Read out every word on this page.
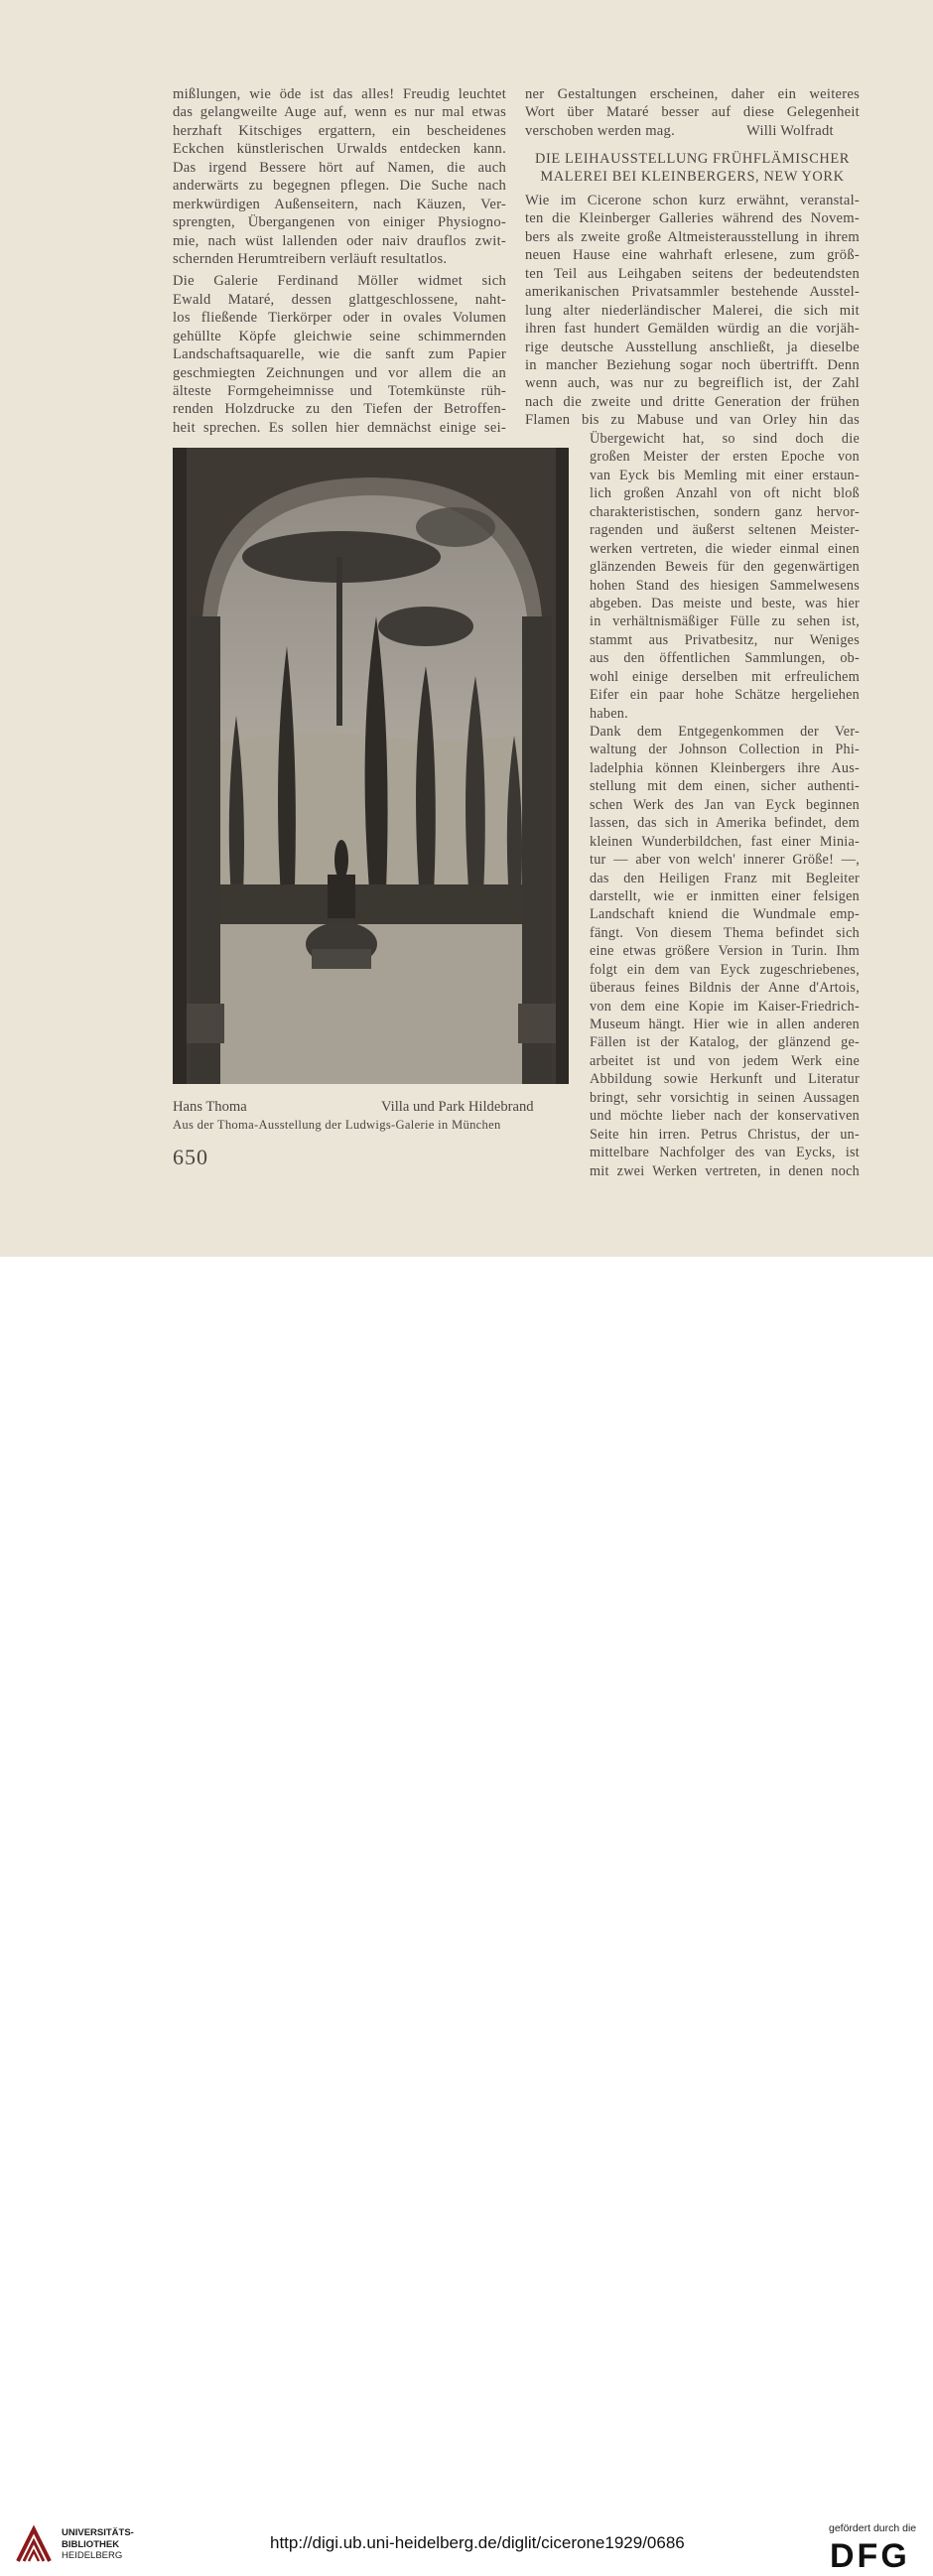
mißlungen, wie öde ist das alles! Freudig leuchtet
das gelangweilte Auge auf, wenn es nur mal etwas
herzhaft Kitschiges ergattern, ein bescheidenes
Eckchen künstlerischen Urwalds entdecken kann.
Das irgend Bessere hört auf Namen, die auch
anderwärts zu begegnen pflegen. Die Suche nach
merkwürdigen Außenseitern, nach Käuzen, Ver-
sprengten, Übergangenen von einiger Physiogno-
mie, nach wüst lallenden oder naiv drauflos zwit-
schernden Herumtreibern verläuft resultatlos.
Die Galerie Ferdinand Möller widmet sich
Ewald Mataré, dessen glattgeschlossene, naht-
los fließende Tierkörper oder in ovales Volumen
gehüllte Köpfe gleichwie seine schimmernden
Landschaftsaquarelle, wie die sanft zum Papier
geschmiegten Zeichnungen und vor allem die an
älteste Formgeheimnisse und Totemkünste rüh-
renden Holzdrucke zu den Tiefen der Betroffen-
heit sprechen. Es sollen hier demnächst einige sei-
ner Gestaltungen erscheinen, daher ein weiteres
Wort über Mataré besser auf diese Gelegenheit
verschoben werden mag.	Willi Wolfradt
DIE LEIHAUSSTELLUNG FRÜHFLÄMISCHER
MALEREI BEI KLEINBERGERS, NEW YORK
Wie im Cicerone schon kurz erwähnt, veranstal-
ten die Kleinberger Galleries während des Novem-
bers als zweite große Altmeisterausstellung in ihrem
neuen Hause eine wahrhaft erlesene, zum größ-
ten Teil aus Leihgaben seitens der bedeutendsten
amerikanischen Privatsammler bestehende Ausstel-
lung alter niederländischer Malerei, die sich mit
ihren fast hundert Gemälden würdig an die vorjäh-
rige deutsche Ausstellung anschließt, ja dieselbe
in mancher Beziehung sogar noch übertrifft. Denn
wenn auch, was nur zu begreiflich ist, der Zahl
nach die zweite und dritte Generation der frühen
Flamen bis zu Mabuse und van Orley hin das
Übergewicht hat, so sind doch die
großen Meister der ersten Epoche von
van Eyck bis Memling mit einer erstaun-
lich großen Anzahl von oft nicht bloß
charakteristischen, sondern ganz hervor-
ragenden und äußerst seltenen Meister-
werken vertreten, die wieder einmal einen
glänzenden Beweis für den gegenwärtigen
hohen Stand des hiesigen Sammelwesens
abgeben. Das meiste und beste, was hier
in verhältnismäßiger Fülle zu sehen ist,
stammt aus Privatbesitz, nur Weniges
aus den öffentlichen Sammlungen, ob-
wohl einige derselben mit erfreulichem
Eifer ein paar hohe Schätze hergeliehen
haben.
Dank dem Entgegenkommen der Ver-
waltung der Johnson Collection in Phi-
ladelphia können Kleinbergers ihre Aus-
stellung mit dem einen, sicher authenti-
schen Werk des Jan van Eyck beginnen
lassen, das sich in Amerika befindet, dem
kleinen Wunderbildchen, fast einer Minia-
tur — aber von welch' innerer Größe! —,
das den Heiligen Franz mit Begleiter
darstellt, wie er inmitten einer felsigen
Landschaft kniend die Wundmale emp-
fängt. Von diesem Thema befindet sich
eine etwas größere Version in Turin. Ihm
folgt ein dem van Eyck zugeschriebenes,
überaus feines Bildnis der Anne d'Artois,
von dem eine Kopie im Kaiser-Friedrich-
Museum hängt. Hier wie in allen anderen
Fällen ist der Katalog, der glänzend ge-
arbeitet ist und von jedem Werk eine
Abbildung sowie Herkunft und Literatur
bringt, sehr vorsichtig in seinen Aussagen
und möchte lieber nach der konservativen
Seite hin irren. Petrus Christus, der un-
mittelbare Nachfolger des van Eycks, ist
mit zwei Werken vertreten, in denen noch
Hans Thoma	Villa und Park Hildebrand
Aus der Thoma-Ausstellung der Ludwigs-Galerie in München
650
UNIVERSITÄTS-
BIBLIOTHEK
HEIDELBERG
http://digi.ub.uni-heidelberg.de/diglit/cicerone1929/0686
gefördert durch die
DFG
